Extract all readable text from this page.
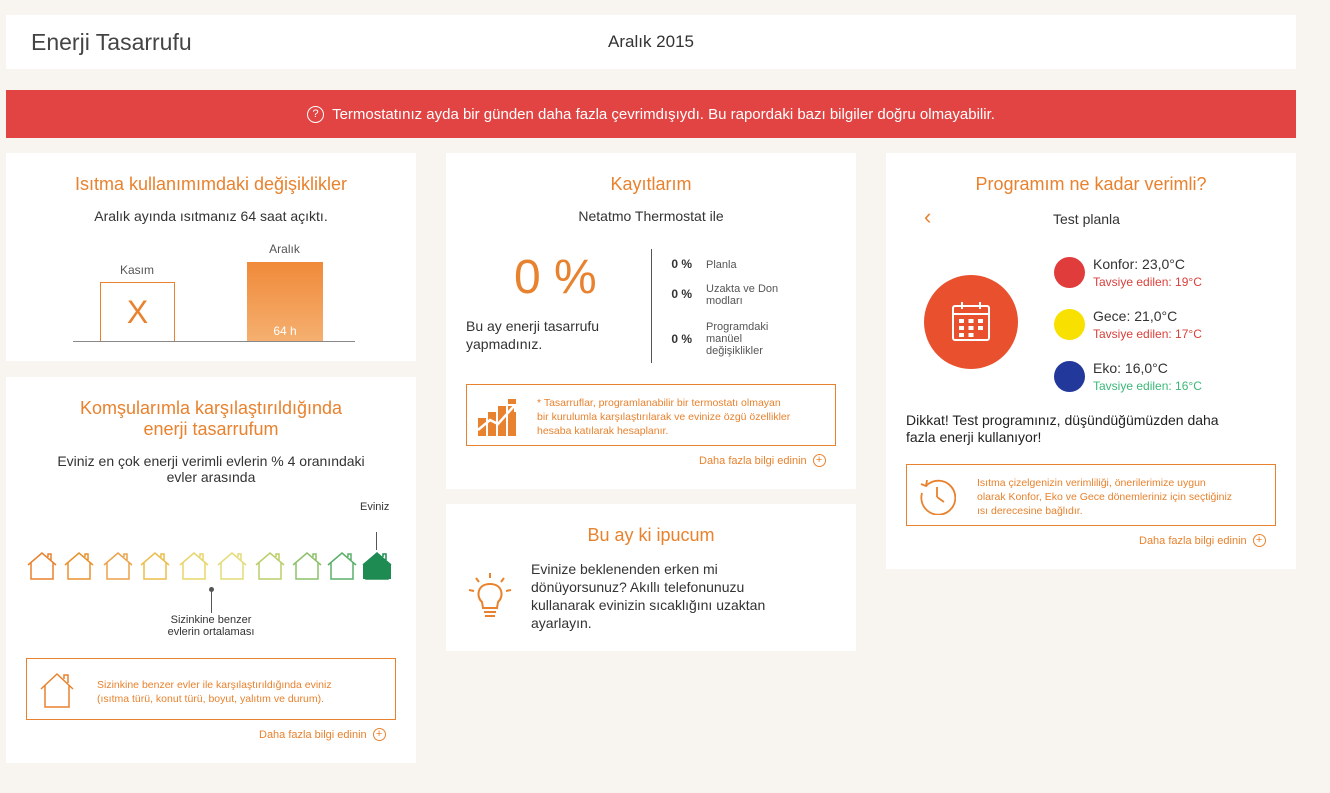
Enerji Tasarrufu	Aralık 2015
? Termostatınız ayda bir günden daha fazla çevrimdışıydı. Bu rapordaki bazı bilgiler doğru olmayabilir.
Isıtma kullanımımdaki değişiklikler
Aralık ayında ısıtmanız 64 saat açıktı.
Kasım
X
Aralık
64 h
Komşularımla karşılaştırıldığında
enerji tasarrufum
Eviniz en çok enerji verimli evlerin % 4 oranındaki
evler arasında
Eviniz
Sizinkine benzer
evlerin ortalaması
Sizinkine benzer evler ile karşılaştırıldığında eviniz
(ısıtma türü, konut türü, boyut, yalıtım ve durum).
Daha fazla bilgi edinin +
Kayıtlarım
Netatmo Thermostat ile
0 %
Bu ay enerji tasarrufu
yapmadınız.
0 % Planla
0 % Uzakta ve Don
modları
0 %
Programdaki
manüel
değişiklikler
* Tasarruflar, programlanabilir bir termostatı olmayan
bir kurulumla karşılaştırılarak ve evinize özgü özellikler
hesaba katılarak hesaplanır.
Daha fazla bilgi edinin +
Bu ay ki ipucum
Evinize beklenenden erken mi
dönüyorsunuz? Akıllı telefonunuzu
kullanarak evinizin sıcaklığını uzaktan
ayarlayın.
Programım ne kadar verimli?
‹	Test planla
Konfor: 23,0°C
Tavsiye edilen: 19°C
Gece: 21,0°C
Tavsiye edilen: 17°C
Eko: 16,0°C
Tavsiye edilen: 16°C
Dikkat! Test programınız, düşündüğümüzden daha
fazla enerji kullanıyor!
Isıtma çizelgenizin verimliliği, önerilerimize uygun
olarak Konfor, Eko ve Gece dönemleriniz için seçtiğiniz
ısı derecesine bağlıdır.
Daha fazla bilgi edinin +
